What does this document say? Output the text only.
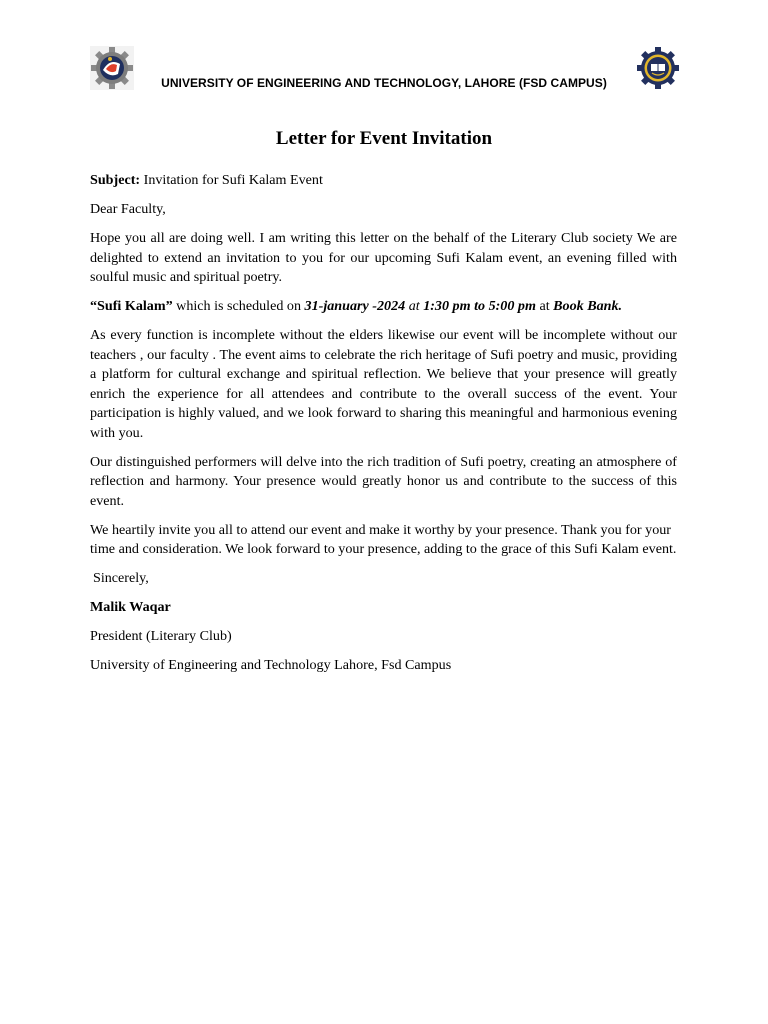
UNIVERSITY OF ENGINEERING AND TECHNOLOGY, LAHORE (FSD CAMPUS)
Letter for Event Invitation

Subject: Invitation for Sufi Kalam Event

Dear Faculty,

Hope you all are doing well. I am writing this letter on the behalf of the Literary Club society We are delighted to extend an invitation to you for our upcoming Sufi Kalam event, an evening filled with soulful music and spiritual poetry.

“Sufi Kalam” which is scheduled on 31-january -2024 at 1:30 pm to 5:00 pm at Book Bank.

As every function is incomplete without the elders likewise our event will be incomplete without our teachers , our faculty . The event aims to celebrate the rich heritage of Sufi poetry and music, providing a platform for cultural exchange and spiritual reflection. We believe that your presence will greatly enrich the experience for all attendees and contribute to the overall success of the event. Your participation is highly valued, and we look forward to sharing this meaningful and harmonious evening with you.

Our distinguished performers will delve into the rich tradition of Sufi poetry, creating an atmosphere of reflection and harmony. Your presence would greatly honor us and contribute to the success of this event.

We heartily invite you all to attend our event and make it worthy by your presence. Thank you for your time and consideration. We look forward to your presence, adding to the grace of this Sufi Kalam event.

Sincerely,

Malik Waqar

President (Literary Club)

University of Engineering and Technology Lahore, Fsd Campus
